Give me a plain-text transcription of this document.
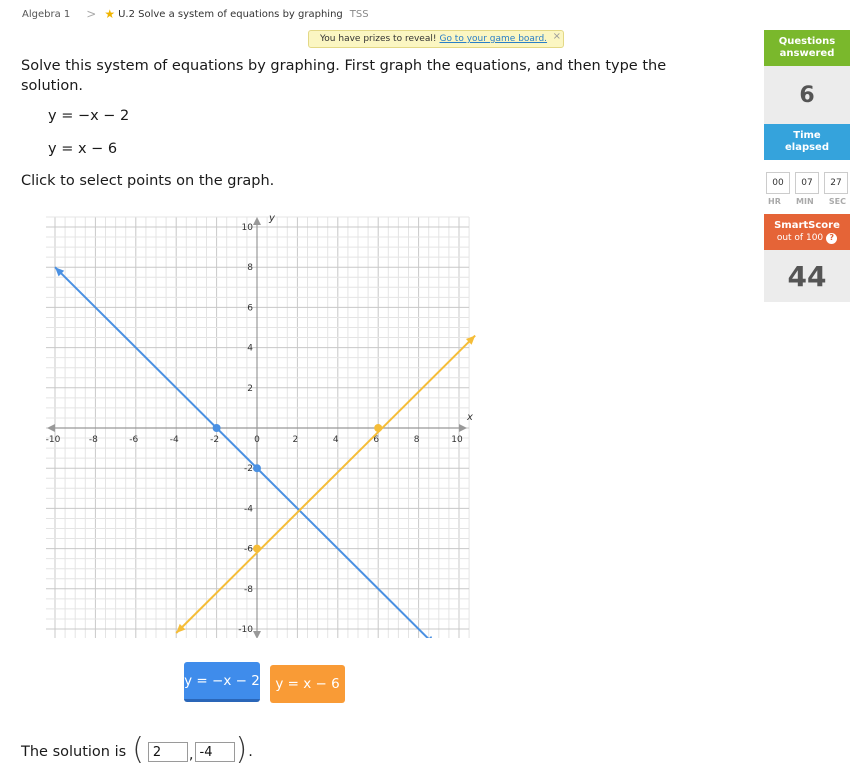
Algebra 1 > ★ U.2 Solve a system of equations by graphing TSS
You have prizes to reveal! Go to your game board. ×
Solve this system of equations by graphing. First graph the equations, and then type the solution.
y = −x − 2
y = x − 6
Click to select points on the graph.
x
y
-10	-8	-6	-4	-2	0	2	4	6	8	10
10
8
6
4
2
-2
-4
-6
-8
-10
y = −x − 2	y = x − 6
The solution is (
2	,
-4 ) .
Questions answered
6
Time elapsed
00	07	27
HR MIN SEC
SmartScore
out of 100 ?
44
